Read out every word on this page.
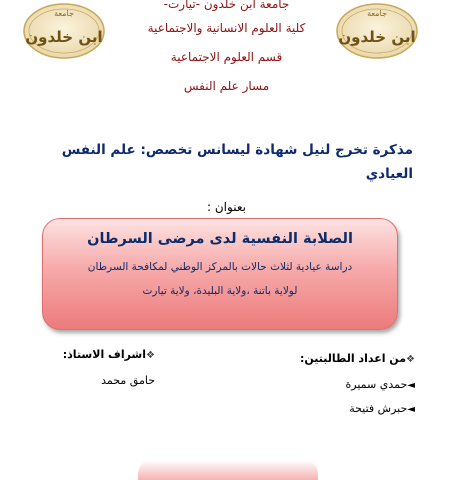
جامعة
ابن خلدون
جامعة
ابن خلدون
جامعة ابن خلدون -تيارت-
كلية العلوم الانسانية والاجتماعية
قسم العلوم الاجتماعية
مسار علم النفس
مذكرة تخرج لنيل شهادة ليسانس تخصص: علم النفس
العيادي
بعنوان :
الصلابة النفسية لدى مرضى السرطان
دراسة عيادية لثلاث حالات بالمركز الوطني لمكافحة السرطان
لولاية باتنة ،ولاية البليدة، ولاية تيارت
❖من اعداد الطالبتين:
◄حمدي سميرة
◄حبرش فتيحة
❖اشراف الاستاذ:
حامق محمد
